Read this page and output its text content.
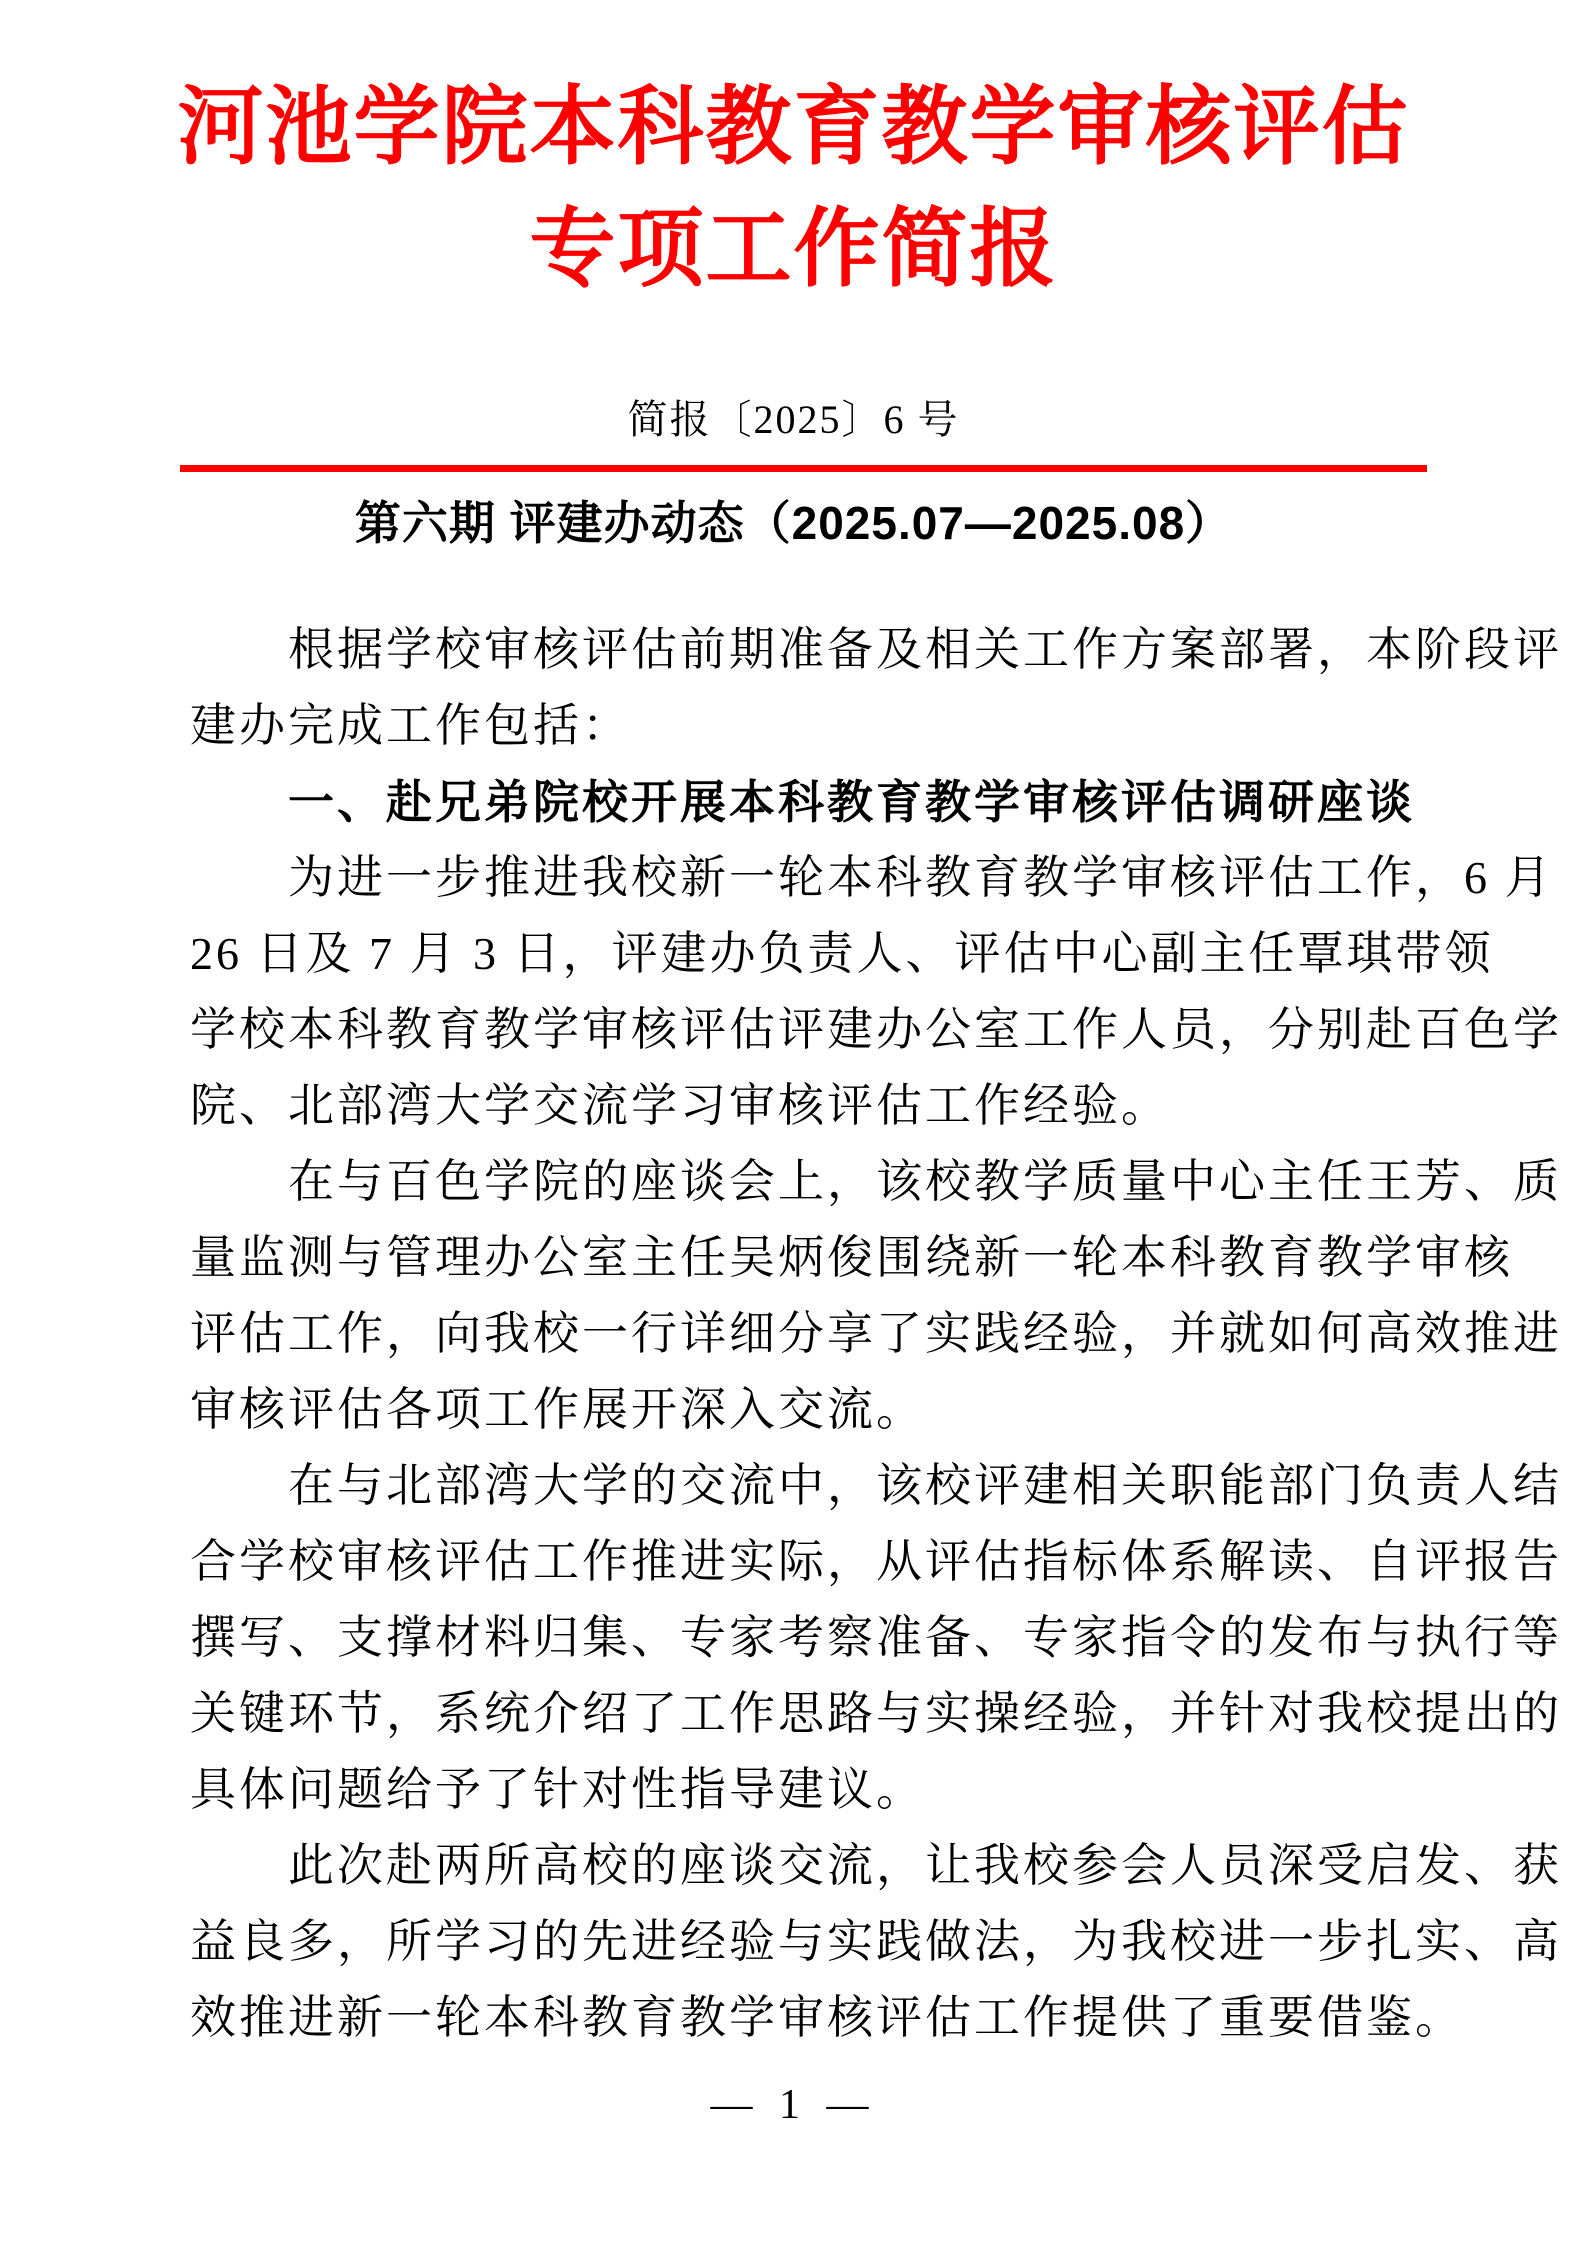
河池学院本科教育教学审核评估
专项工作简报
简报〔2025〕6 号
第六期 评建办动态（2025.07—2025.08）
根据学校审核评估前期准备及相关工作方案部署，本阶段评
建办完成工作包括：
一、赴兄弟院校开展本科教育教学审核评估调研座谈
为进一步推进我校新一轮本科教育教学审核评估工作，6 月
26 日及 7 月 3 日，评建办负责人、评估中心副主任覃琪带领
学校本科教育教学审核评估评建办公室工作人员，分别赴百色学
院、北部湾大学交流学习审核评估工作经验。
在与百色学院的座谈会上，该校教学质量中心主任王芳、质
量监测与管理办公室主任吴炳俊围绕新一轮本科教育教学审核
评估工作，向我校一行详细分享了实践经验，并就如何高效推进
审核评估各项工作展开深入交流。
在与北部湾大学的交流中，该校评建相关职能部门负责人结
合学校审核评估工作推进实际，从评估指标体系解读、自评报告
撰写、支撑材料归集、专家考察准备、专家指令的发布与执行等
关键环节，系统介绍了工作思路与实操经验，并针对我校提出的
具体问题给予了针对性指导建议。
此次赴两所高校的座谈交流，让我校参会人员深受启发、获
益良多，所学习的先进经验与实践做法，为我校进一步扎实、高
效推进新一轮本科教育教学审核评估工作提供了重要借鉴。
— 1 —
